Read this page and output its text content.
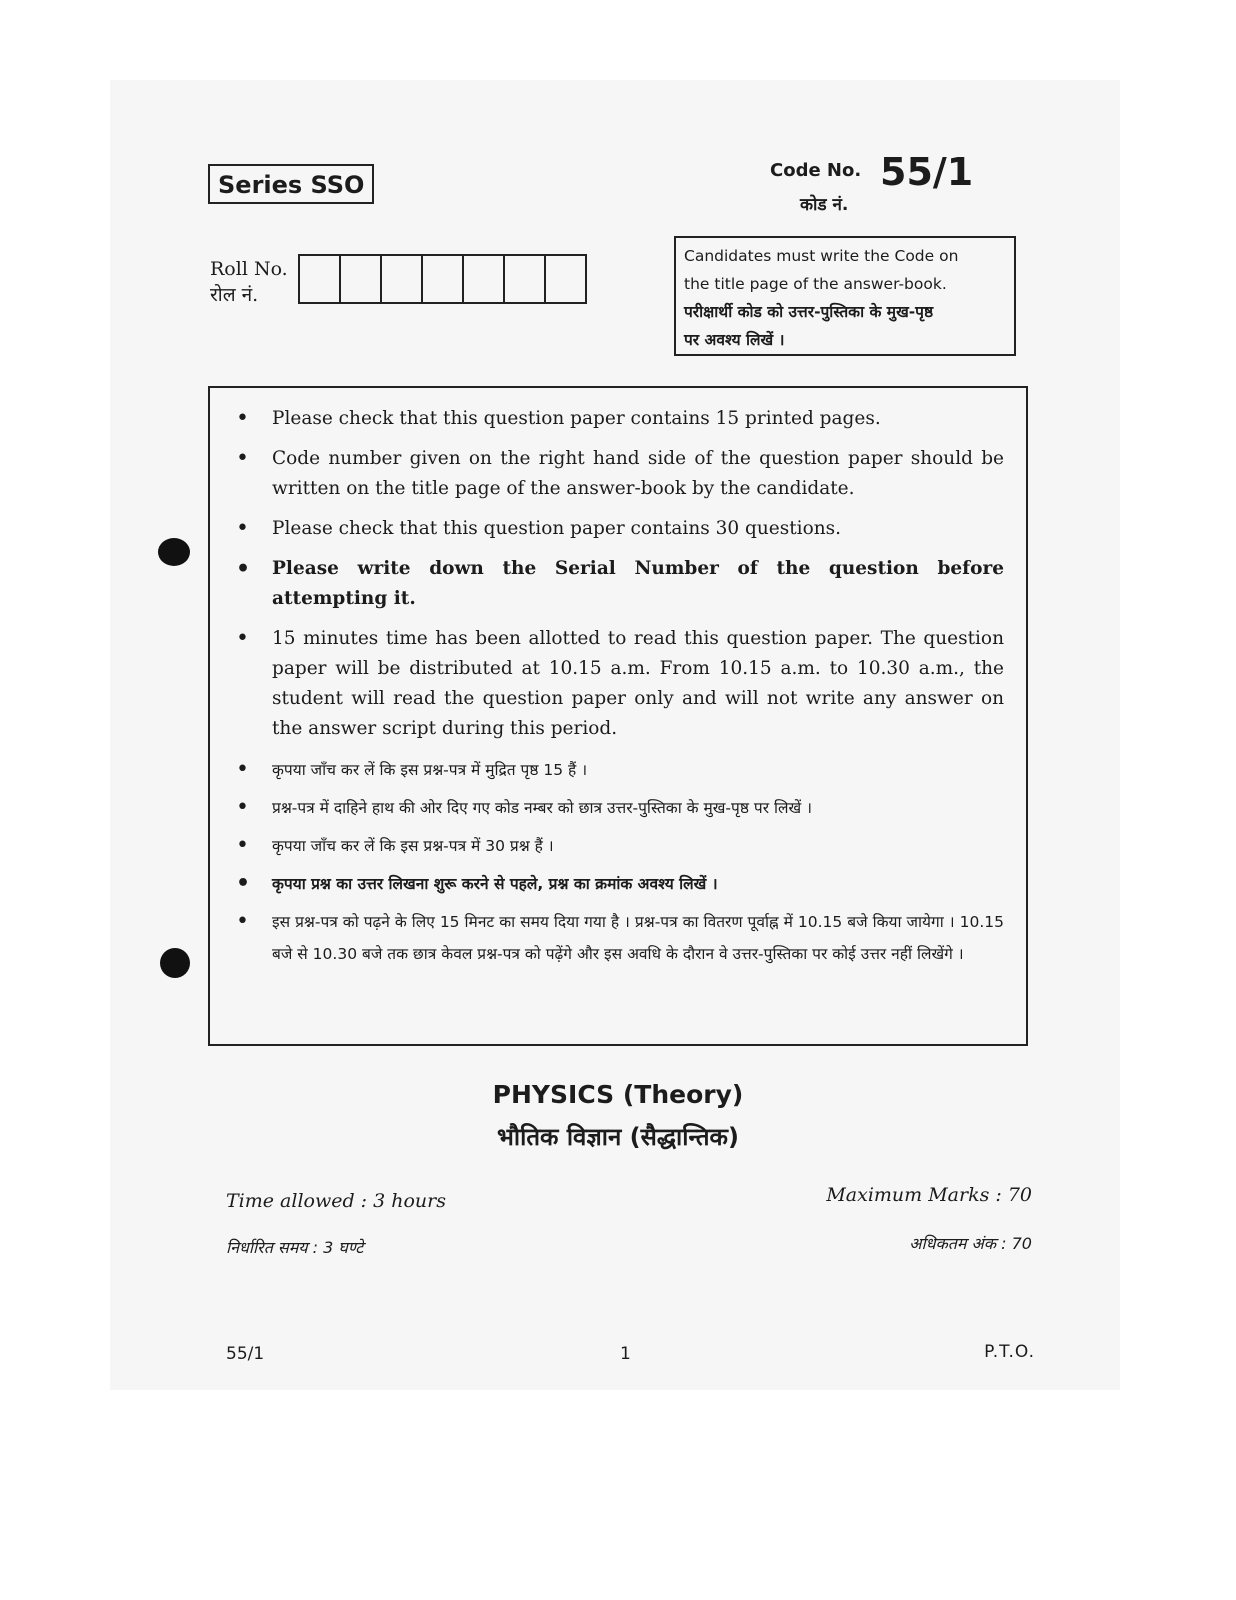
Series SSO
Code No.
कोड नं.
55/1
Roll No.
रोल नं.

Candidates must write the Code on

the title page of the answer-book.

परीक्षार्थी कोड को उत्तर-पुस्तिका के मुख-पृष्ठ

पर अवश्य लिखें ।

• Please check that this question paper contains 15 printed pages.
• Code number given on the right hand side of the question paper should be written on the title page of the answer-book by the candidate.
• Please check that this question paper contains 30 questions.
• Please write down the Serial Number of the question before attempting it.
• 15 minutes time has been allotted to read this question paper. The question paper will be distributed at 10.15 a.m. From 10.15 a.m. to 10.30 a.m., the student will read the question paper only and will not write any answer on the answer script during this period.
• कृपया जाँच कर लें कि इस प्रश्न-पत्र में मुद्रित पृष्ठ 15 हैं ।
• प्रश्न-पत्र में दाहिने हाथ की ओर दिए गए कोड नम्बर को छात्र उत्तर-पुस्तिका के मुख-पृष्ठ पर लिखें ।
• कृपया जाँच कर लें कि इस प्रश्न-पत्र में 30 प्रश्न हैं ।
• कृपया प्रश्न का उत्तर लिखना शुरू करने से पहले, प्रश्न का क्रमांक अवश्य लिखें ।
• इस प्रश्न-पत्र को पढ़ने के लिए 15 मिनट का समय दिया गया है । प्रश्न-पत्र का वितरण पूर्वाह्न में 10.15 बजे किया जायेगा । 10.15 बजे से 10.30 बजे तक छात्र केवल प्रश्न-पत्र को पढ़ेंगे और इस अवधि के दौरान वे उत्तर-पुस्तिका पर कोई उत्तर नहीं लिखेंगे ।
PHYSICS (Theory)
भौतिक विज्ञान (सैद्धान्तिक)
Time allowed : 3 hours
निर्धारित समय : 3 घण्टे
Maximum Marks : 70
अधिकतम अंक : 70
55/1	1	P.T.O.
